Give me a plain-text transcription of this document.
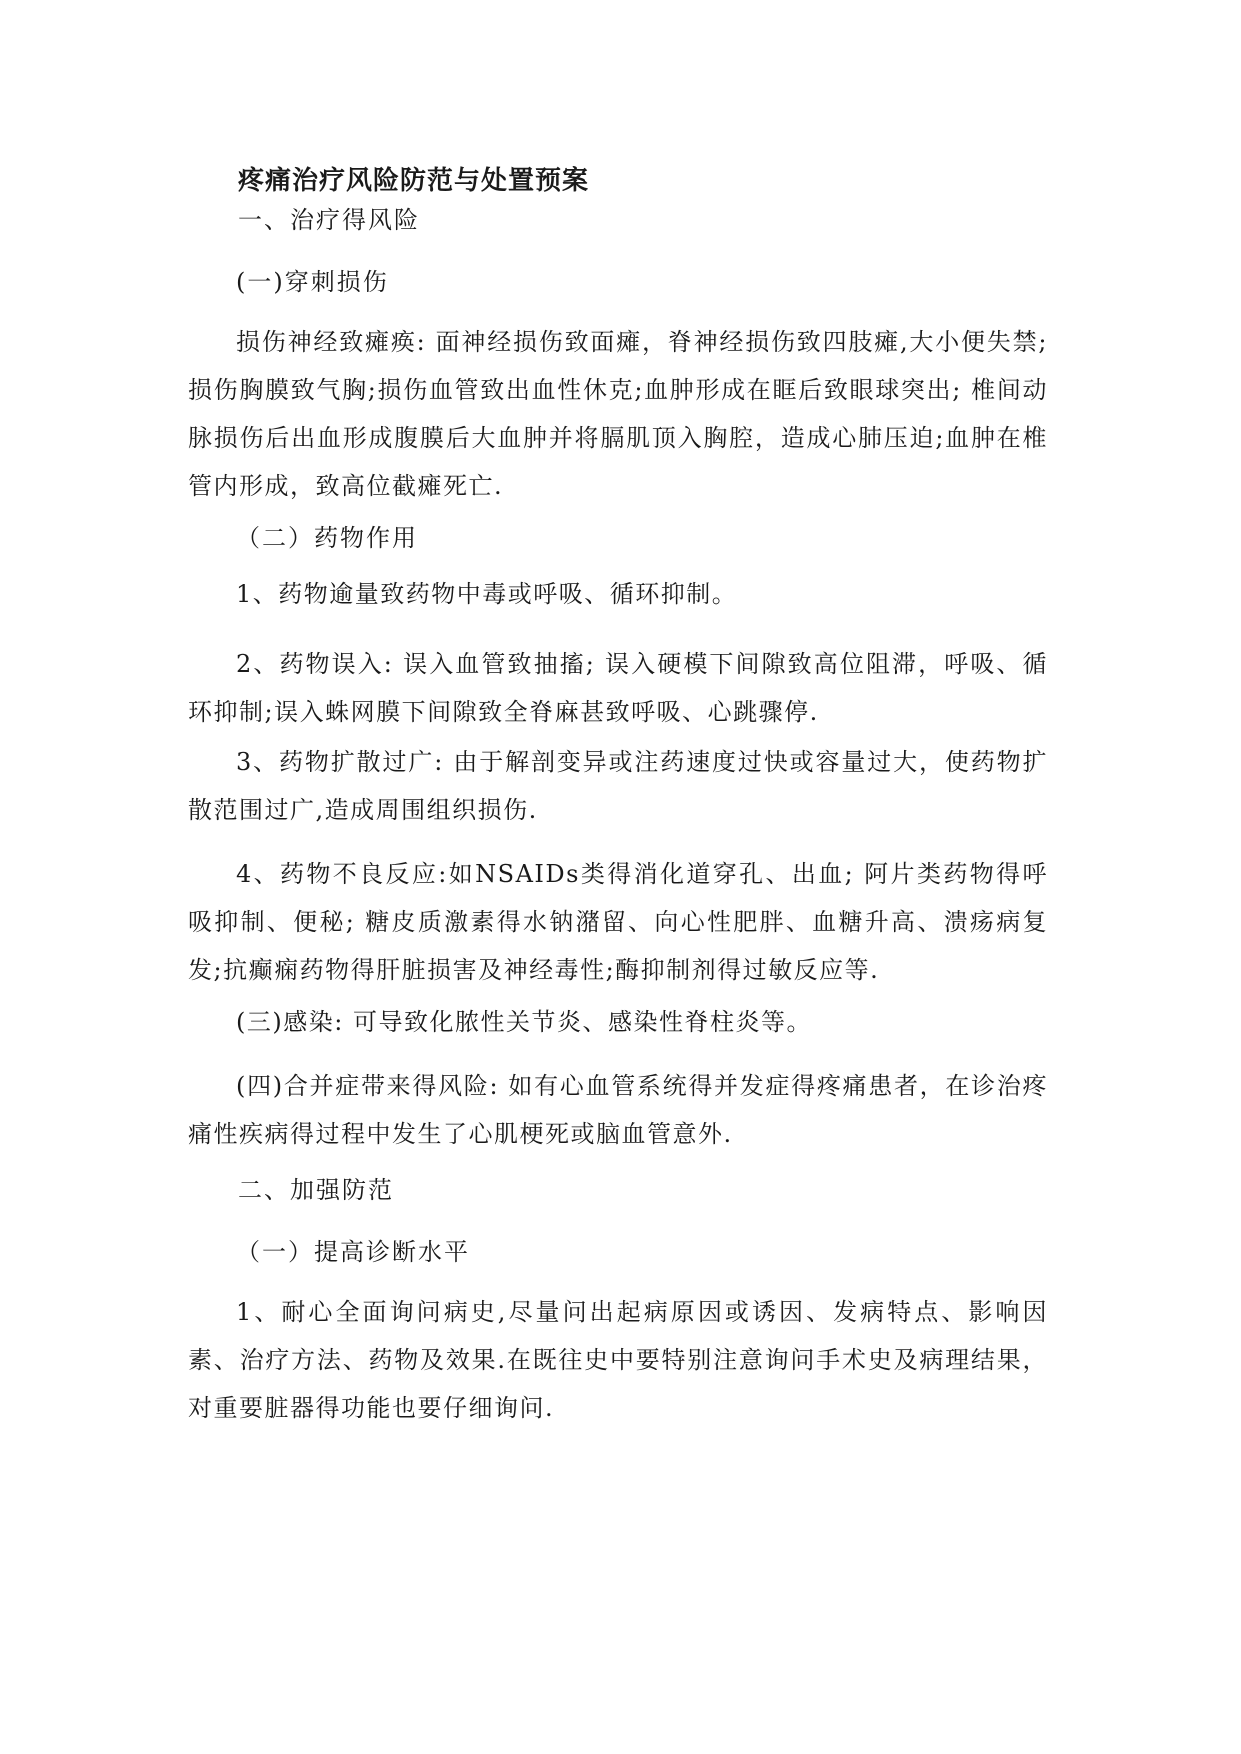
疼痛治疗风险防范与处置预案
一、治疗得风险
(一)穿刺损伤
损伤神经致瘫痪: 面神经损伤致面瘫，脊神经损伤致四肢瘫,大小便失禁;损伤胸膜致气胸;损伤血管致出血性休克;血肿形成在眶后致眼球突出; 椎间动脉损伤后出血形成腹膜后大血肿并将膈肌顶入胸腔，造成心肺压迫;血肿在椎管内形成，致高位截瘫死亡.
（二）药物作用
1、药物逾量致药物中毒或呼吸、循环抑制。
2、药物误入: 误入血管致抽搐; 误入硬模下间隙致高位阻滞，呼吸、循环抑制;误入蛛网膜下间隙致全脊麻甚致呼吸、心跳骤停.
3、药物扩散过广: 由于解剖变异或注药速度过快或容量过大，使药物扩散范围过广,造成周围组织损伤.
4、药物不良反应:如NSAIDs类得消化道穿孔、出血; 阿片类药物得呼吸抑制、便秘; 糖皮质激素得水钠潴留、向心性肥胖、血糖升高、溃疡病复发;抗癫痫药物得肝脏损害及神经毒性;酶抑制剂得过敏反应等.
(三)感染: 可导致化脓性关节炎、感染性脊柱炎等。
(四)合并症带来得风险: 如有心血管系统得并发症得疼痛患者，在诊治疼痛性疾病得过程中发生了心肌梗死或脑血管意外.
二、加强防范
（一）提高诊断水平
1、耐心全面询问病史,尽量问出起病原因或诱因、发病特点、影响因素、治疗方法、药物及效果.在既往史中要特别注意询问手术史及病理结果，对重要脏器得功能也要仔细询问.
